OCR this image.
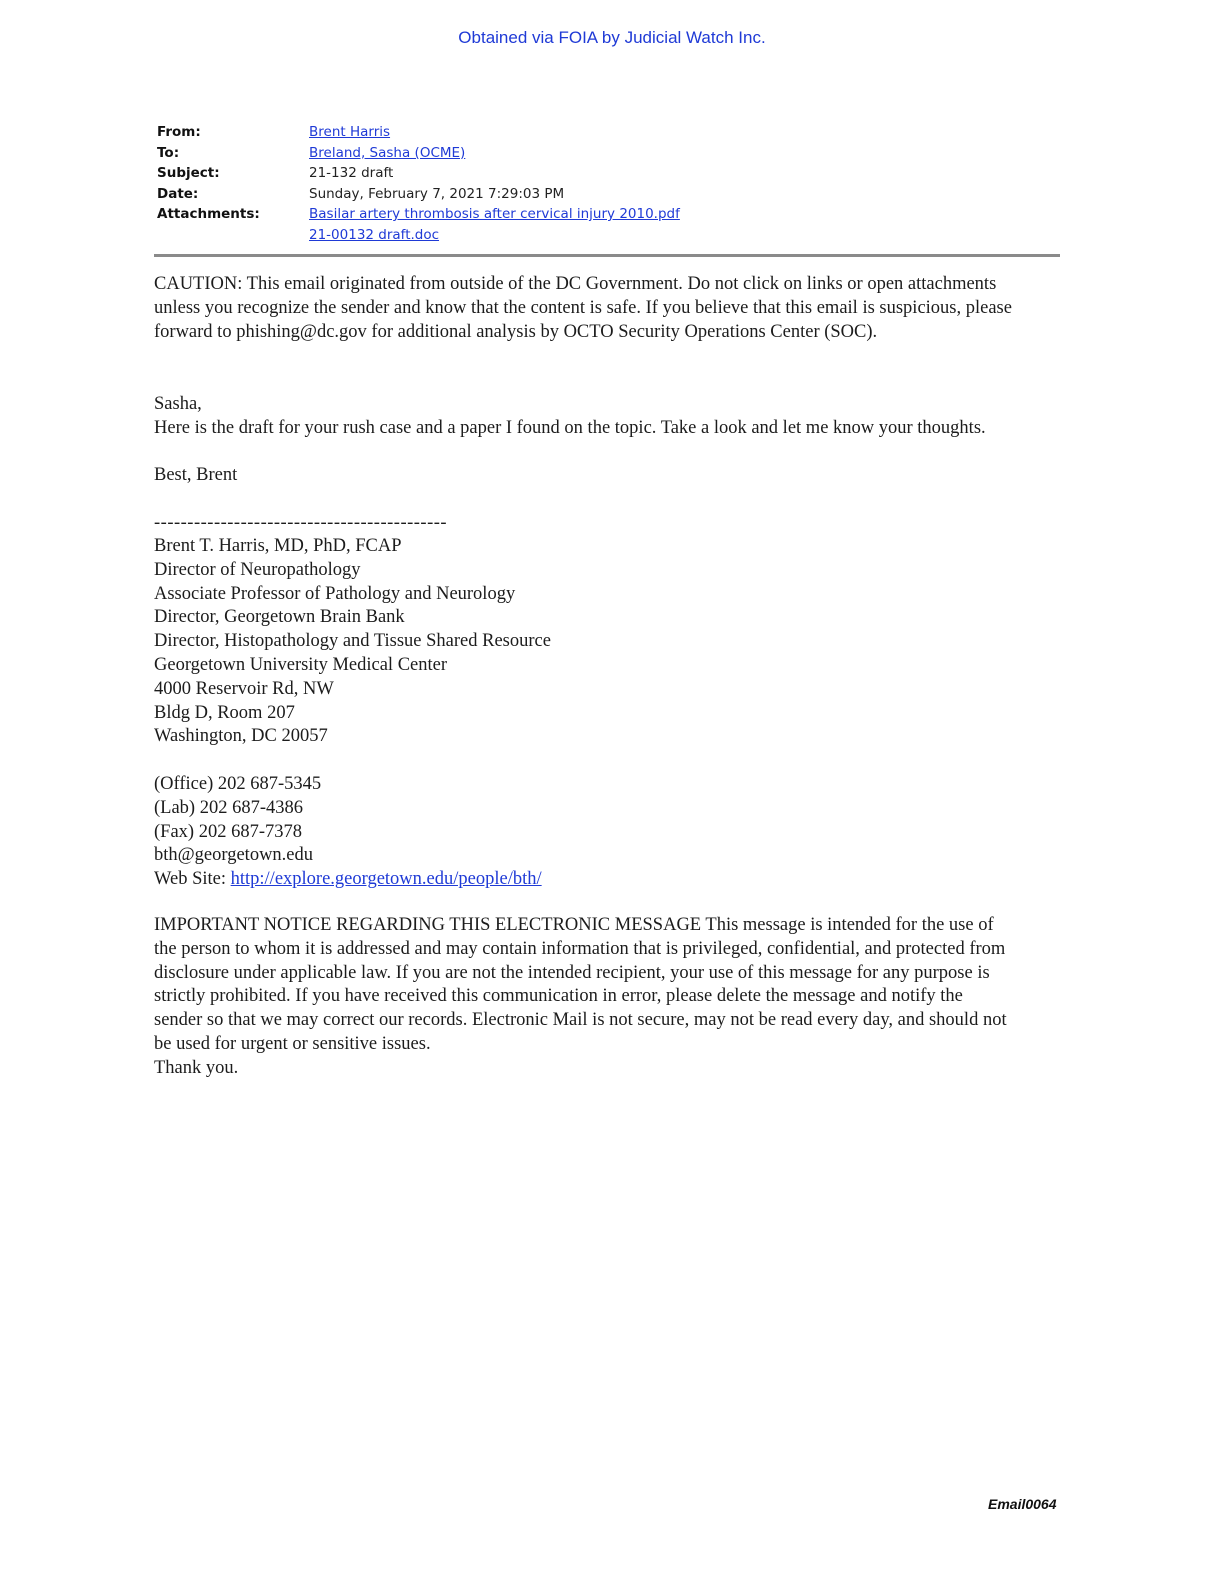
Obtained via FOIA by Judicial Watch Inc.
From:	Brent Harris
To:	Breland, Sasha (OCME)
Subject:	21-132 draft
Date:	Sunday, February 7, 2021 7:29:03 PM
Attachments:	Basilar artery thrombosis after cervical injury 2010.pdf
21-00132 draft.doc

CAUTION: This email originated from outside of the DC Government. Do not click on links or open attachments

unless you recognize the sender and know that the content is safe. If you believe that this email is suspicious, please

forward to phishing@dc.gov for additional analysis by OCTO Security Operations Center (SOC).

Sasha,

Here is the draft for your rush case and a paper I found on the topic. Take a look and let me know your thoughts.

Best, Brent
--------------------------------------------

Brent T. Harris, MD, PhD, FCAP

Director of Neuropathology

Associate Professor of Pathology and Neurology

Director, Georgetown Brain Bank

Director, Histopathology and Tissue Shared Resource

Georgetown University Medical Center

4000 Reservoir Rd, NW

Bldg D, Room 207

Washington, DC 20057

(Office) 202 687-5345

(Lab) 202 687-4386

(Fax) 202 687-7378

bth@georgetown.edu

Web Site: http://explore.georgetown.edu/people/bth/

IMPORTANT NOTICE REGARDING THIS ELECTRONIC MESSAGE This message is intended for the use of

the person to whom it is addressed and may contain information that is privileged, confidential, and protected from

disclosure under applicable law. If you are not the intended recipient, your use of this message for any purpose is

strictly prohibited. If you have received this communication in error, please delete the message and notify the

sender so that we may correct our records. Electronic Mail is not secure, may not be read every day, and should not

be used for urgent or sensitive issues.

Thank you.

Email0064
